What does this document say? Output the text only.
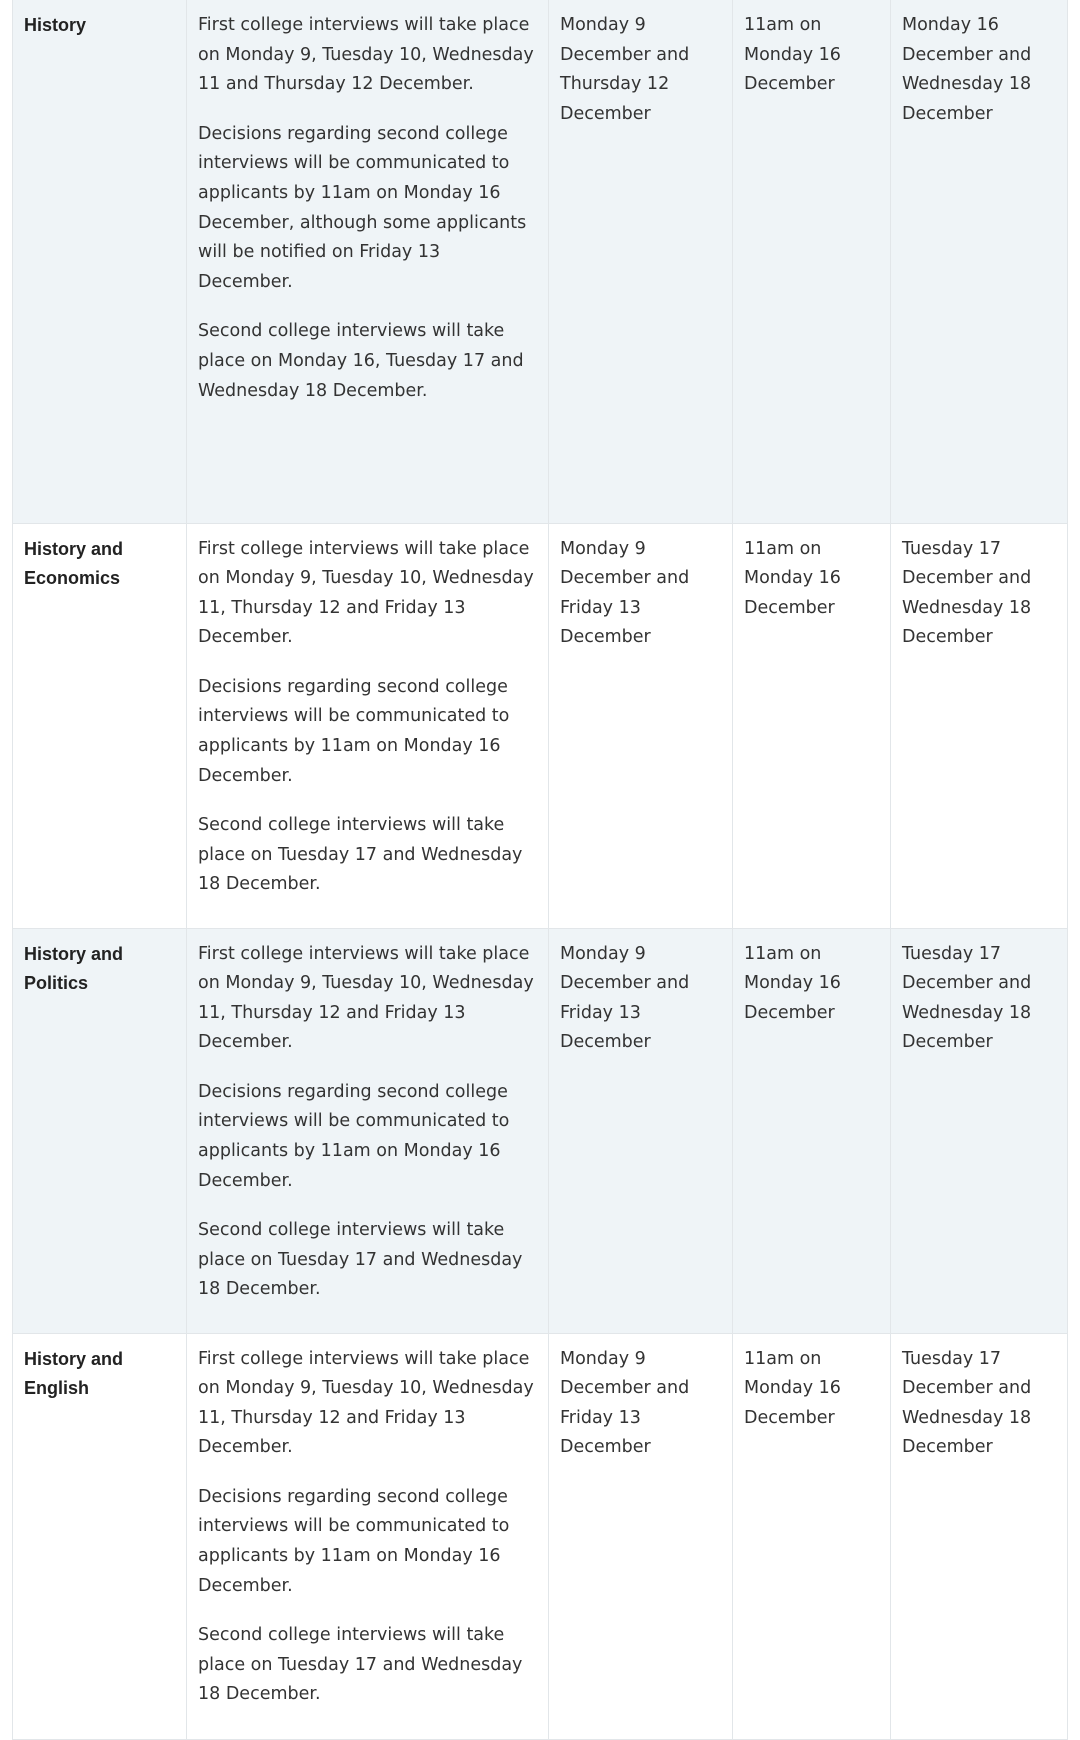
History	First college interviews will take place on Monday 9, Tuesday 10, Wednesday 11 and Thursday 12 December.

Decisions regarding second college interviews will be communicated to applicants by 11am on Monday 16 December, although some applicants will be notified on Friday 13 December.

Second college interviews will take place on Monday 16, Tuesday 17 and Wednesday 18 December.	Monday 9 December and Thursday 12 December	11am on Monday 16 December	Monday 16 December and Wednesday 18 December

History and Economics	First college interviews will take place on Monday 9, Tuesday 10, Wednesday 11, Thursday 12 and Friday 13 December.

Decisions regarding second college interviews will be communicated to applicants by 11am on Monday 16 December.

Second college interviews will take place on Tuesday 17 and Wednesday 18 December.	Monday 9 December and Friday 13 December	11am on Monday 16 December	Tuesday 17 December and Wednesday 18 December

History and Politics	First college interviews will take place on Monday 9, Tuesday 10, Wednesday 11, Thursday 12 and Friday 13 December.

Decisions regarding second college interviews will be communicated to applicants by 11am on Monday 16 December.

Second college interviews will take place on Tuesday 17 and Wednesday 18 December.	Monday 9 December and Friday 13 December	11am on Monday 16 December	Tuesday 17 December and Wednesday 18 December

History and English	First college interviews will take place on Monday 9, Tuesday 10, Wednesday 11, Thursday 12 and Friday 13 December.

Decisions regarding second college interviews will be communicated to applicants by 11am on Monday 16 December.

Second college interviews will take place on Tuesday 17 and Wednesday 18 December.	Monday 9 December and Friday 13 December	11am on Monday 16 December	Tuesday 17 December and Wednesday 18 December
